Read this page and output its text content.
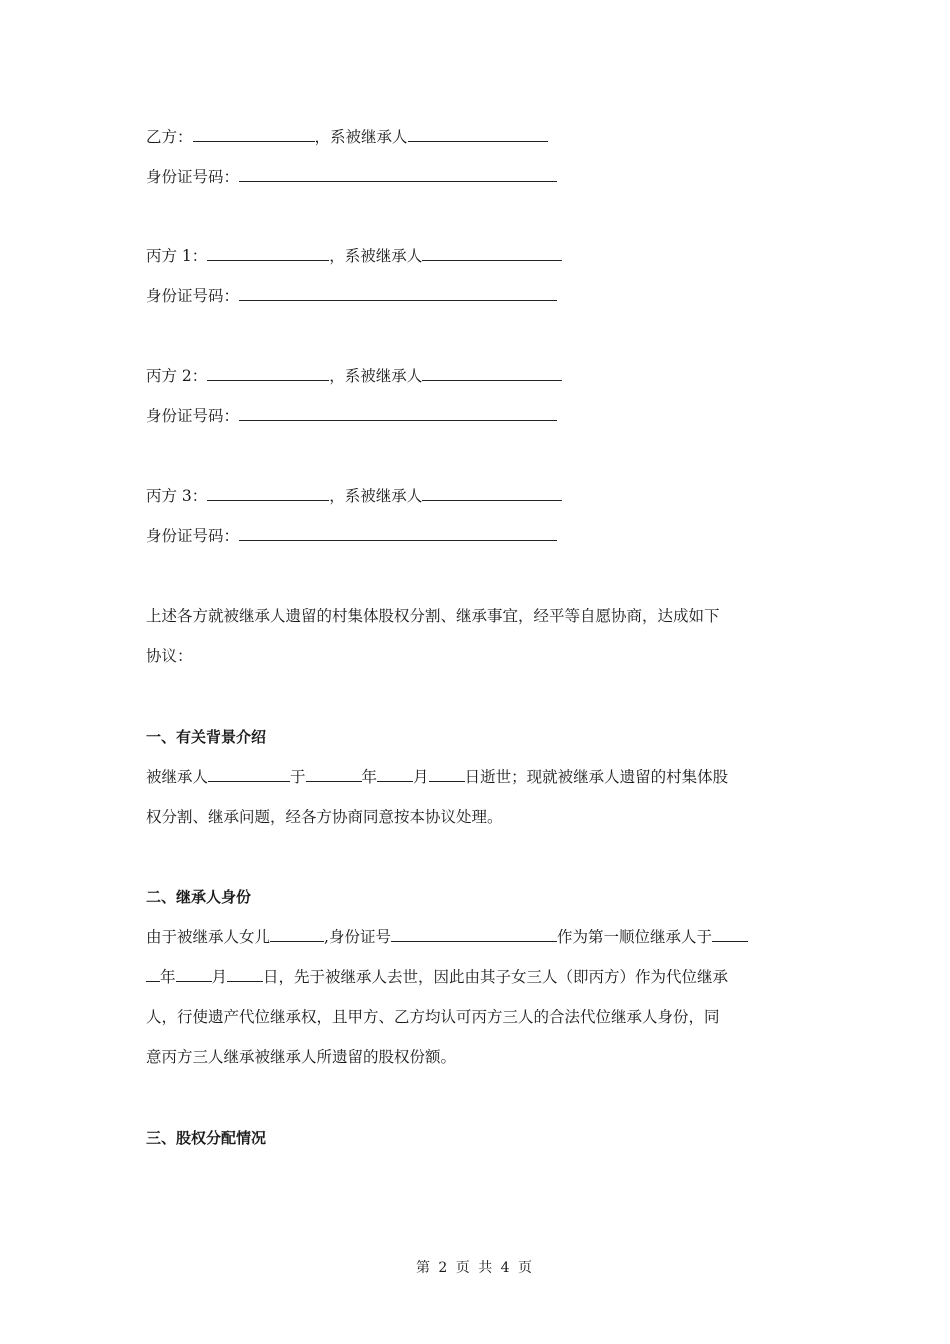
乙方：	，系被继承人
身份证号码：
丙方 1：	，系被继承人
身份证号码：
丙方 2：	，系被继承人
身份证号码：
丙方 3：	，系被继承人
身份证号码：
上述各方就被继承人遗留的村集体股权分割、继承事宜，经平等自愿协商，达成如下
协议：
一、有关背景介绍
被继承人	于	年 月 日逝世；现就被继承人遗留的村集体股
权分割、继承问题，经各方协商同意按本协议处理。
二、继承人身份
由于被继承人女儿	,身份证号	作为第一顺位继承人于
年 月 日，先于被继承人去世，因此由其子女三人（即丙方）作为代位继承
人，行使遗产代位继承权，且甲方、乙方均认可丙方三人的合法代位继承人身份，同
意丙方三人继承被继承人所遗留的股权份额。
三、股权分配情况
第 2 页 共 4 页
